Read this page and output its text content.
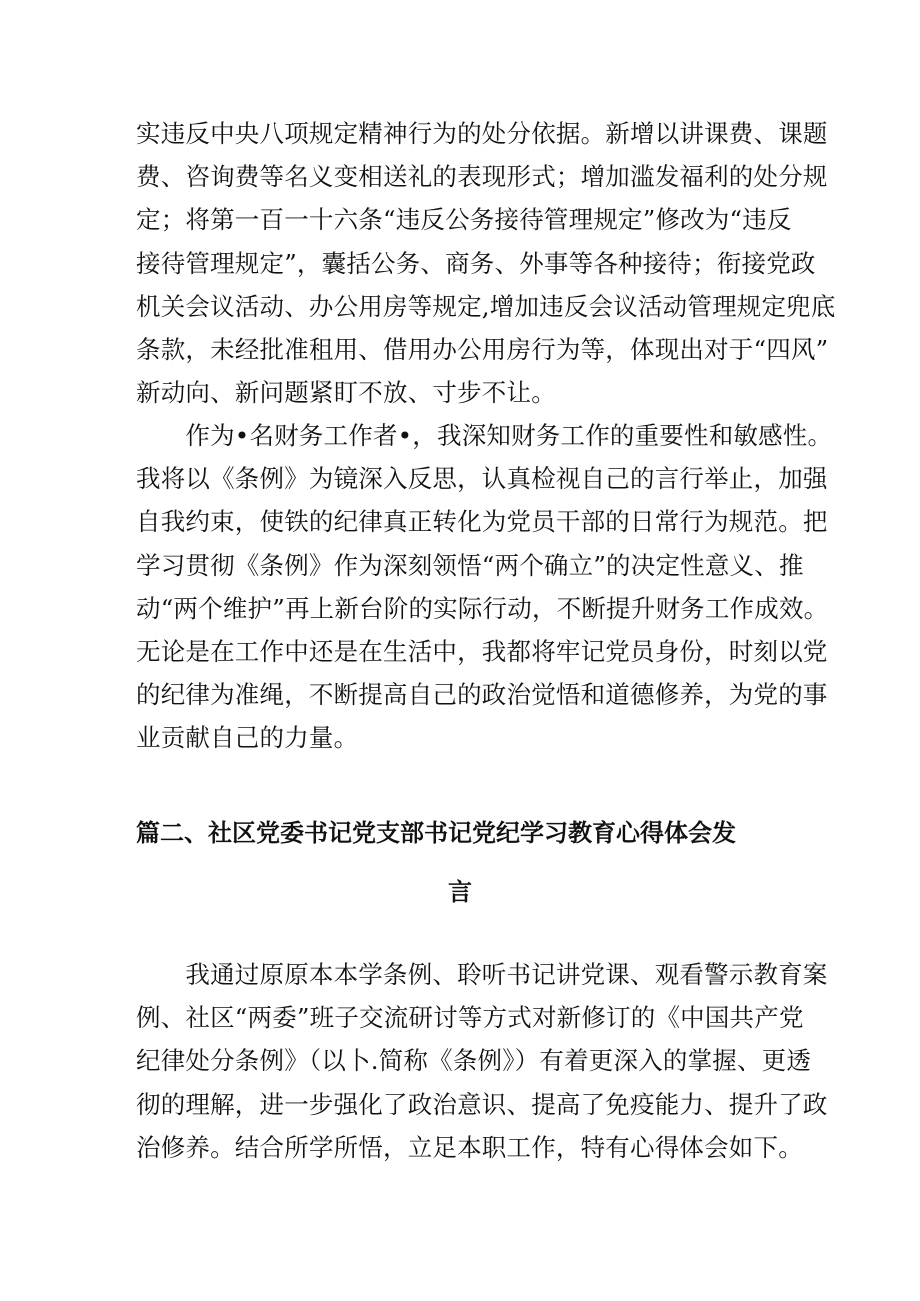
实违反中央八项规定精神行为的处分依据。新增以讲课费、课题
费、咨询费等名义变相送礼的表现形式；增加滥发福利的处分规
定；将第一百一十六条“违反公务接待管理规定”修改为“违反
接待管理规定”，囊括公务、商务、外事等各种接待；衔接党政
机关会议活动、办公用房等规定,增加违反会议活动管理规定兜底
条款，未经批准租用、借用办公用房行为等，体现出对于“四风”
新动向、新问题紧盯不放、寸步不让。

　　作为•名财务工作者•，我深知财务工作的重要性和敏感性。
我将以《条例》为镜深入反思，认真检视自己的言行举止，加强
自我约束，使铁的纪律真正转化为党员干部的日常行为规范。把
学习贯彻《条例》作为深刻领悟“两个确立”的决定性意义、推
动“两个维护”再上新台阶的实际行动，不断提升财务工作成效。
无论是在工作中还是在生活中，我都将牢记党员身份，时刻以党
的纪律为准绳，不断提高自己的政治觉悟和道德修养，为党的事
业贡献自己的力量。

篇二、社区党委书记党支部书记党纪学习教育心得体会发
言

　　我通过原原本本学条例、聆听书记讲党课、观看警示教育案
例、社区“两委”班子交流研讨等方式对新修订的《中国共产党
纪律处分条例》（以卜.简称《条例》）有着更深入的掌握、更透
彻的理解，进一步强化了政治意识、提高了免疫能力、提升了政
治修养。结合所学所悟，立足本职工作，特有心得体会如下。
